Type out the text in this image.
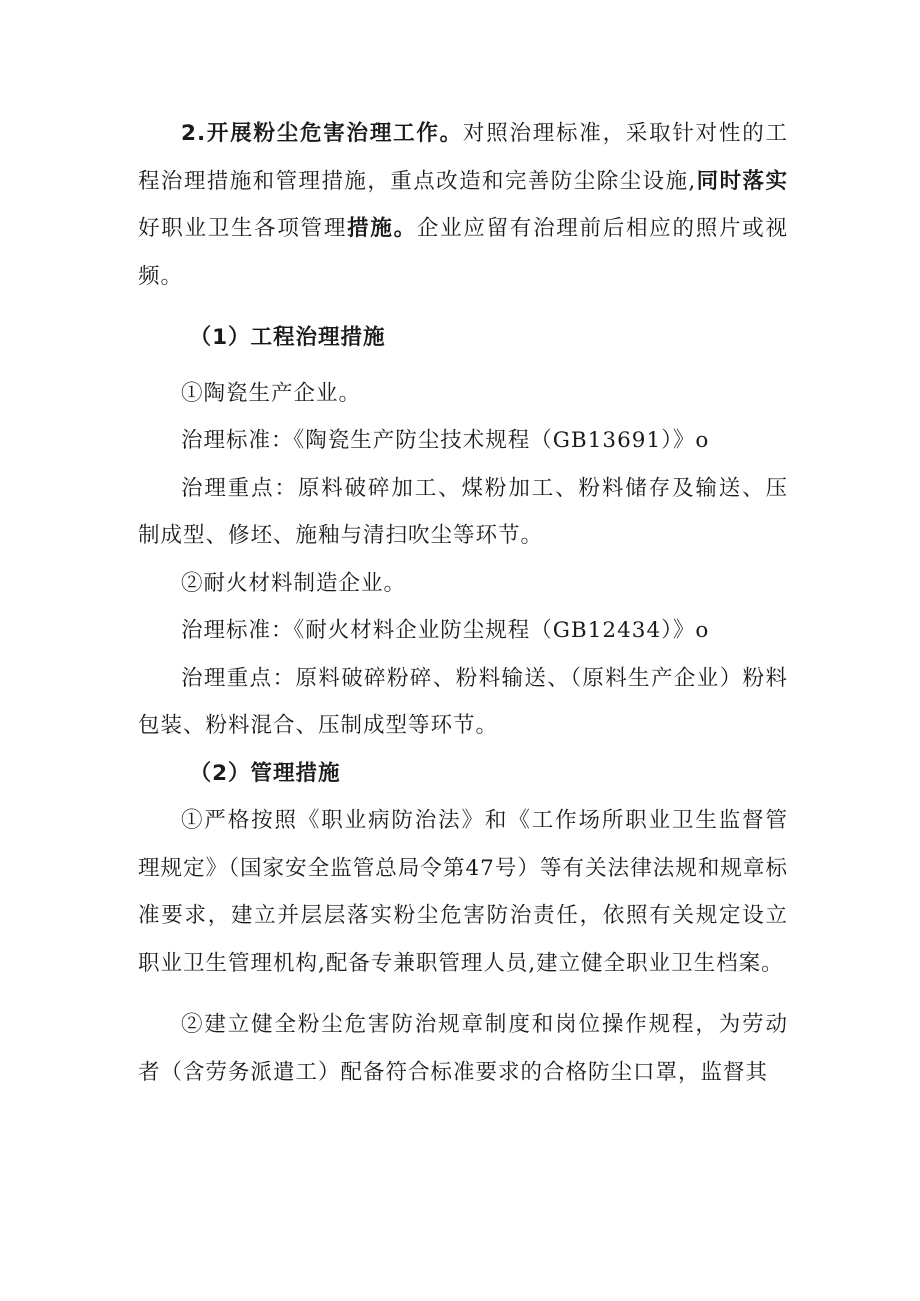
2.开展粉尘危害治理工作。对照治理标准，采取针对性的工程治理措施和管理措施，重点改造和完善防尘除尘设施,同时落实好职业卫生各项管理措施。企业应留有治理前后相应的照片或视频。

（1）工程治理措施

①陶瓷生产企业。

治理标准：《陶瓷生产防尘技术规程（GB13691）》o

治理重点：原料破碎加工、煤粉加工、粉料储存及输送、压制成型、修坯、施釉与清扫吹尘等环节。

②耐火材料制造企业。

治理标准：《耐火材料企业防尘规程（GB12434）》o

治理重点：原料破碎粉碎、粉料输送、（原料生产企业）粉料包装、粉料混合、压制成型等环节。

（2）管理措施

①严格按照《职业病防治法》和《工作场所职业卫生监督管理规定》（国家安全监管总局令第47号）等有关法律法规和规章标准要求，建立并层层落实粉尘危害防治责任，依照有关规定设立职业卫生管理机构,配备专兼职管理人员,建立健全职业卫生档案。

②建立健全粉尘危害防治规章制度和岗位操作规程，为劳动者（含劳务派遣工）配备符合标准要求的合格防尘口罩，监督其
